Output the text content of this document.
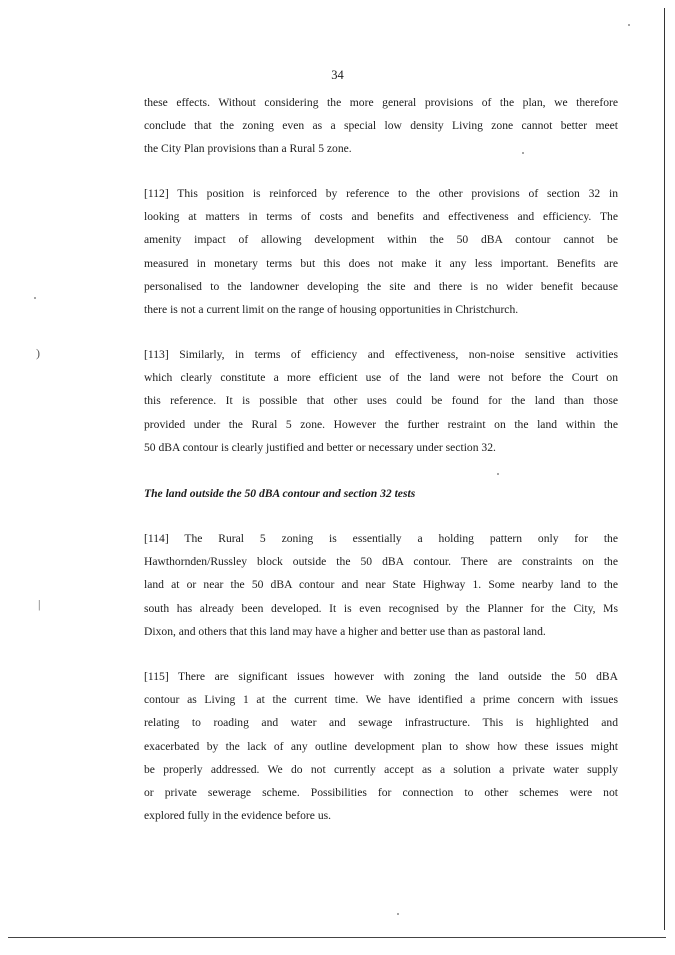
)
|
34
these effects. Without considering the more general provisions of the plan, we therefore
conclude that the zoning even as a special low density Living zone cannot better meet
the City Plan provisions than a Rural 5 zone.
[112] This position is reinforced by reference to the other provisions of section 32 in
looking at matters in terms of costs and benefits and effectiveness and efficiency. The
amenity impact of allowing development within the 50 dBA contour cannot be
measured in monetary terms but this does not make it any less important. Benefits are
personalised to the landowner developing the site and there is no wider benefit because
there is not a current limit on the range of housing opportunities in Christchurch.
[113] Similarly, in terms of efficiency and effectiveness, non-noise sensitive activities
which clearly constitute a more efficient use of the land were not before the Court on
this reference. It is possible that other uses could be found for the land than those
provided under the Rural 5 zone. However the further restraint on the land within the
50 dBA contour is clearly justified and better or necessary under section 32.
The land outside the 50 dBA contour and section 32 tests
[114] The Rural 5 zoning is essentially a holding pattern only for the
Hawthornden/Russley block outside the 50 dBA contour. There are constraints on the
land at or near the 50 dBA contour and near State Highway 1. Some nearby land to the
south has already been developed. It is even recognised by the Planner for the City, Ms
Dixon, and others that this land may have a higher and better use than as pastoral land.
[115] There are significant issues however with zoning the land outside the 50 dBA
contour as Living 1 at the current time. We have identified a prime concern with issues
relating to roading and water and sewage infrastructure. This is highlighted and
exacerbated by the lack of any outline development plan to show how these issues might
be properly addressed. We do not currently accept as a solution a private water supply
or private sewerage scheme. Possibilities for connection to other schemes were not
explored fully in the evidence before us.
